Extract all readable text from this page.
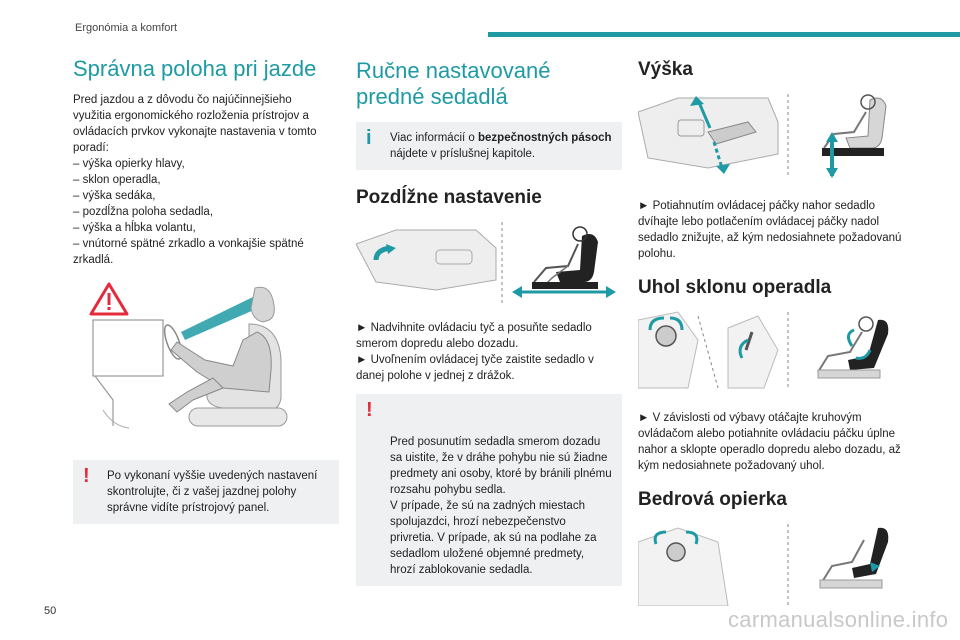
Ergonómia a komfort
Správna poloha pri jazde
Pred jazdou a z dôvodu čo najúčinnejšieho
využitia ergonomického rozloženia prístrojov a
ovládacích prvkov vykonajte nastavenia v tomto
poradí:
– výška opierky hlavy,
– sklon operadla,
– výška sedáka,
– pozdĺžna poloha sedadla,
– výška a hĺbka volantu,
– vnútorné spätné zrkadlo a vonkajšie spätné
zrkadlá.
! Po vykonaní vyššie uvedených nastavení skontrolujte, či z vašej jazdnej polohy správne vidíte prístrojový panel.
Ručne nastavované predné sedadlá
i Viac informácií o bezpečnostných pásoch nájdete v príslušnej kapitole.
Pozdĺžne nastavenie

► Nadvihnite ovládaciu tyč a posuňte sedadlo smerom dopredu alebo dozadu.

► Uvoľnením ovládacej tyče zaistite sedadlo v danej polohe v jednej z drážok.

!

Pred posunutím sedadla smerom dozadu sa uistite, že v dráhe pohybu nie sú žiadne predmety ani osoby, ktoré by bránili plnému rozsahu pohybu sedla.
V prípade, že sú na zadných miestach spolujazdci, hrozí nebezpečenstvo privretia. V prípade, ak sú na podlahe za sedadlom uložené objemné predmety, hrozí zablokovanie sedadla.

Výška

► Potiahnutím ovládacej páčky nahor sedadlo dvíhajte lebo potlačením ovládacej páčky nadol sedadlo znižujte, až kým nedosiahnete požadovanú polohu.

Uhol sklonu operadla

► V závislosti od výbavy otáčajte kruhovým ovládačom alebo potiahnite ovládaciu páčku úplne nahor a sklopte operadlo dopredu alebo dozadu, až kým nedosiahnete požadovaný uhol.

Bedrová opierka
50	carmanualsonline.info
